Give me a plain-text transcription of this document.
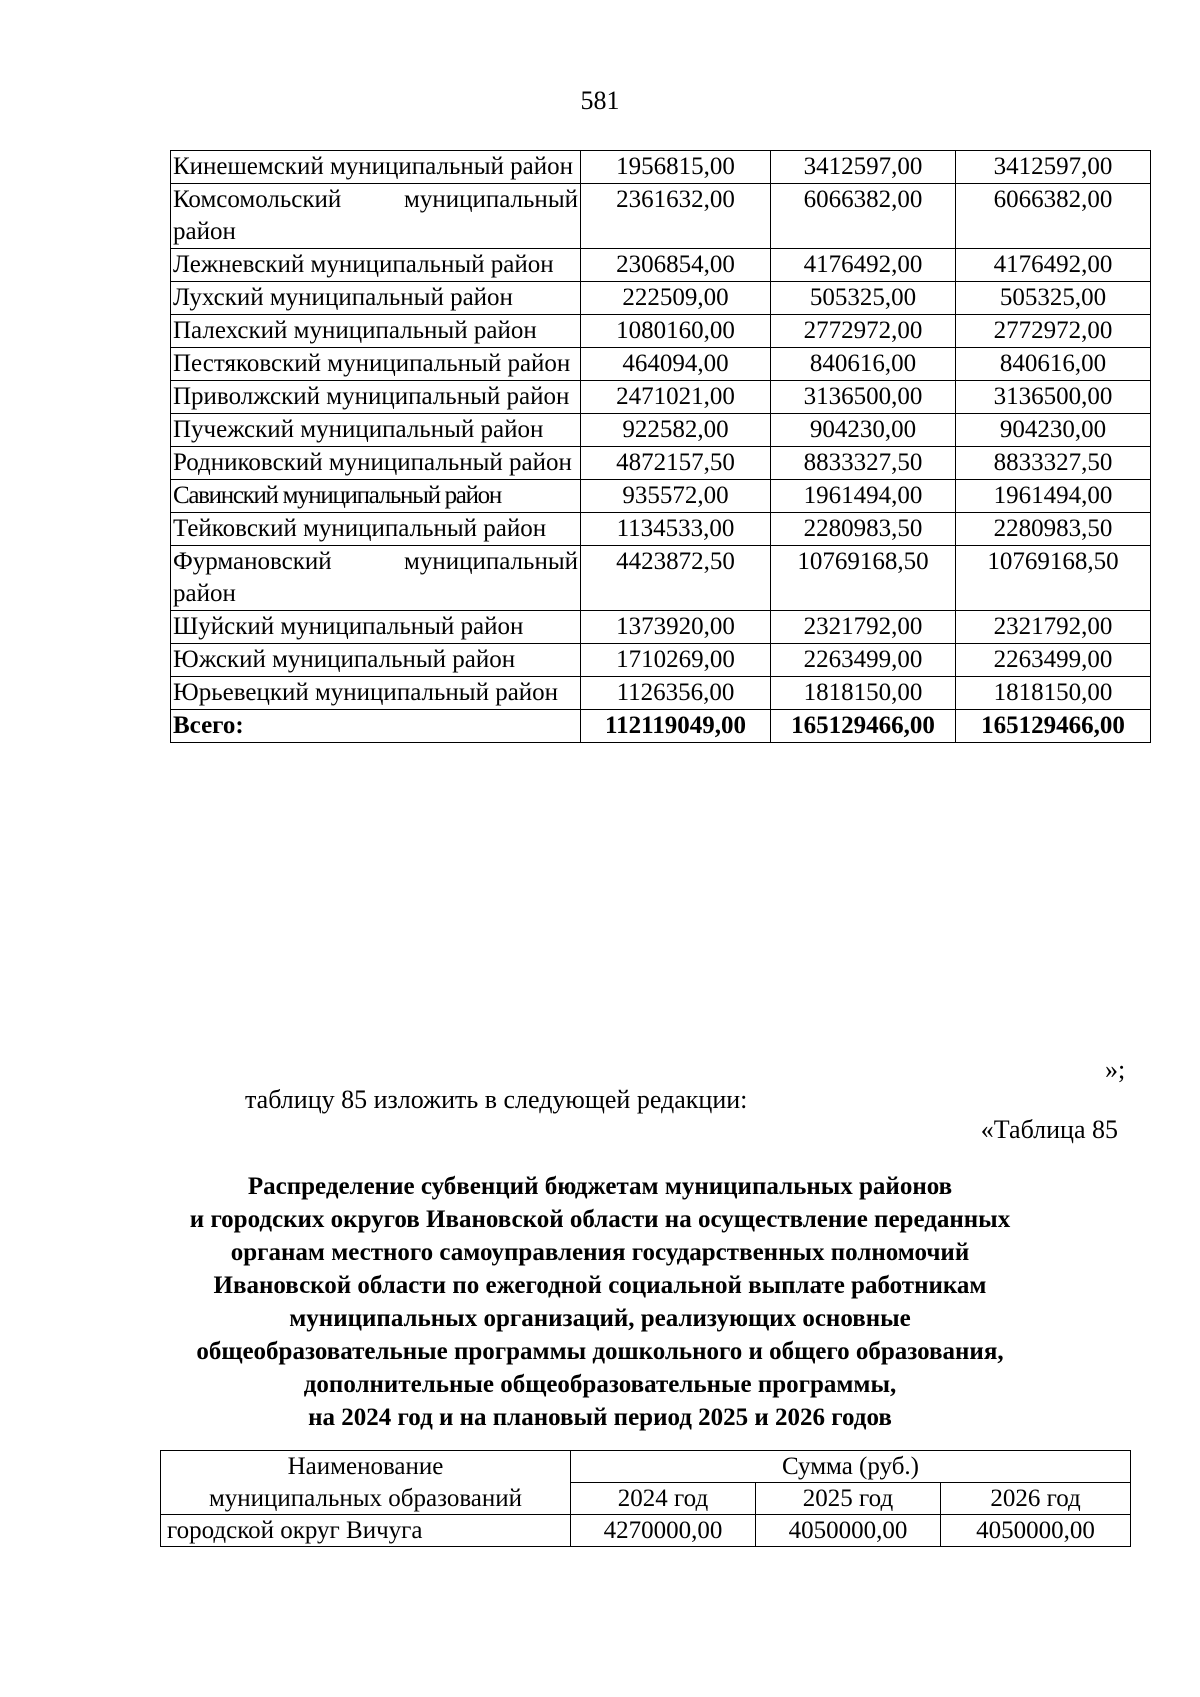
581
Кинешемский муниципальный район	1956815,00	3412597,00	3412597,00
Комсомольский муниципальный район	2361632,00	6066382,00	6066382,00
Лежневский муниципальный район	2306854,00	4176492,00	4176492,00
Лухский муниципальный район	222509,00	505325,00	505325,00
Палехский муниципальный район	1080160,00	2772972,00	2772972,00
Пестяковский муниципальный район	464094,00	840616,00	840616,00
Приволжский муниципальный район	2471021,00	3136500,00	3136500,00
Пучежский муниципальный район	922582,00	904230,00	904230,00
Родниковский муниципальный район	4872157,50	8833327,50	8833327,50
Савинский муниципальный район	935572,00	1961494,00	1961494,00
Тейковский муниципальный район	1134533,00	2280983,50	2280983,50
Фурмановский муниципальный район	4423872,50	10769168,50	10769168,50
Шуйский муниципальный район	1373920,00	2321792,00	2321792,00
Южский муниципальный район	1710269,00	2263499,00	2263499,00
Юрьевецкий муниципальный район	1126356,00	1818150,00	1818150,00
Всего:	112119049,00	165129466,00	165129466,00
»;
таблицу 85 изложить в следующей редакции:
«Таблица 85
Распределение субвенций бюджетам муниципальных районов
и городских округов Ивановской области на осуществление переданных
органам местного самоуправления государственных полномочий
Ивановской области по ежегодной социальной выплате работникам
муниципальных организаций, реализующих основные
общеобразовательные программы дошкольного и общего образования,
дополнительные общеобразовательные программы,
на 2024 год и на плановый период 2025 и 2026 годов
Наименование	Сумма (руб.)		
муниципальных образований	2024 год	2025 год	2026 год
городской округ Вичуга	4270000,00	4050000,00	4050000,00
